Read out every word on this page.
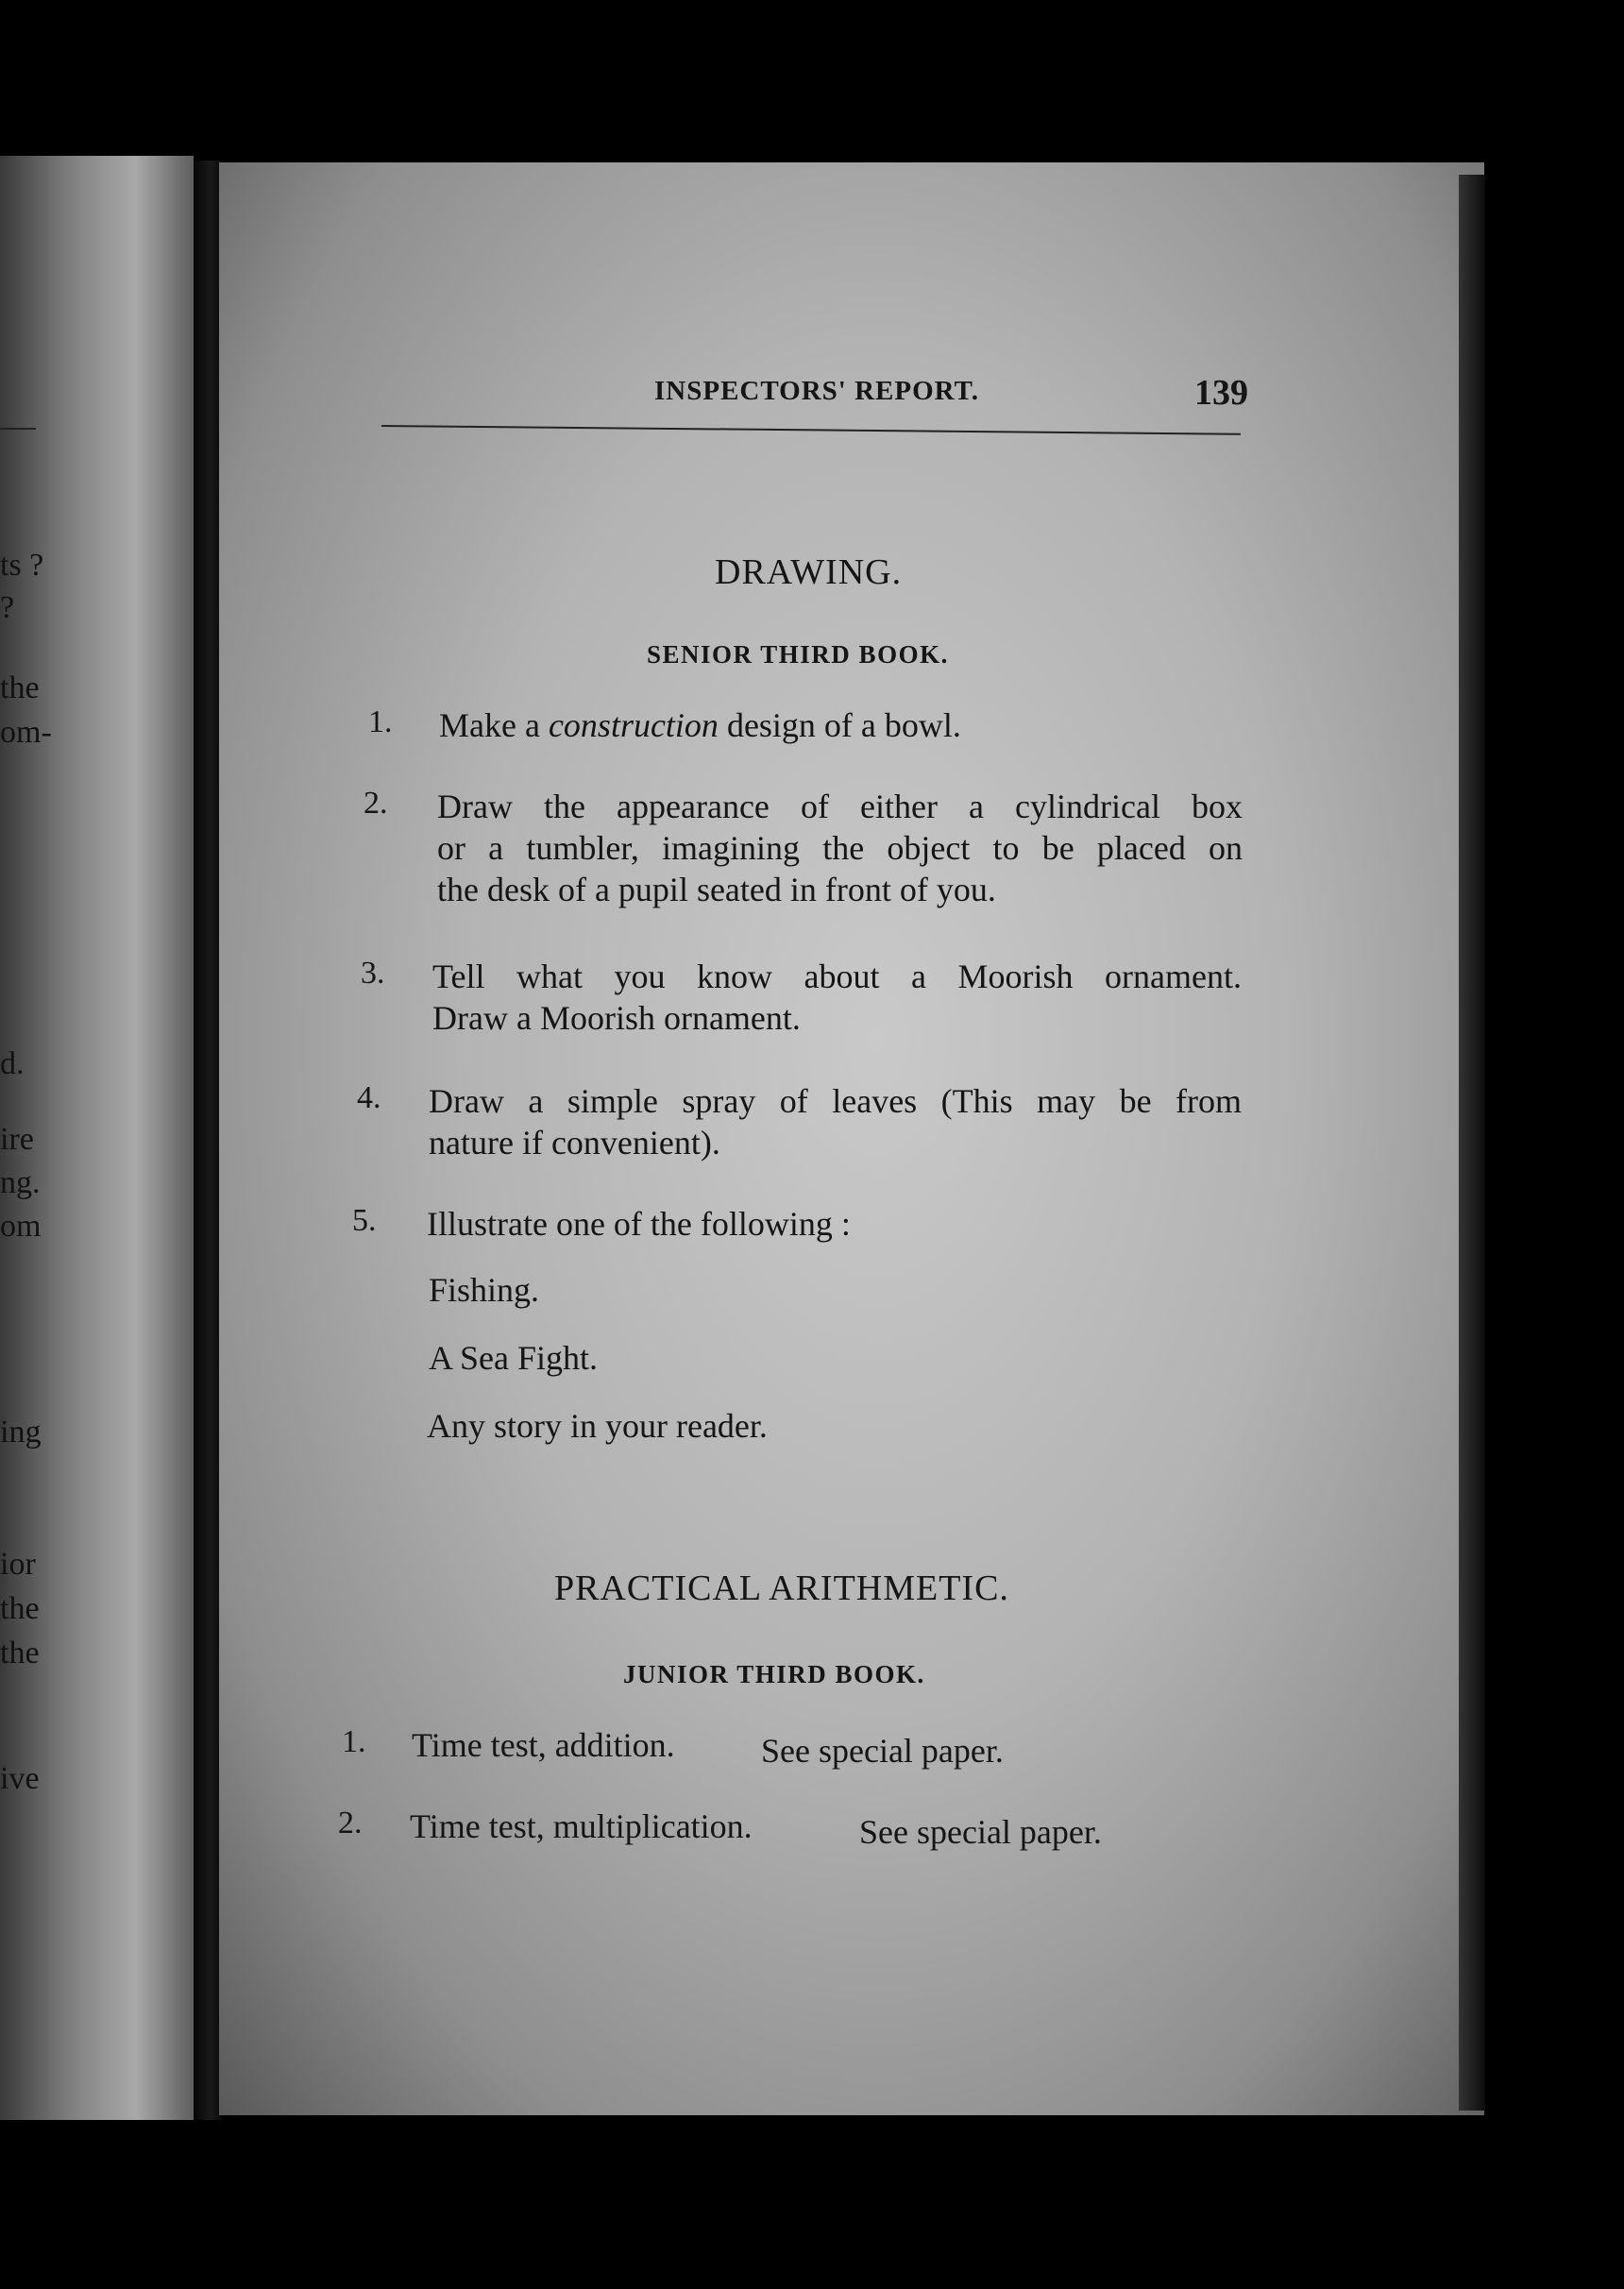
ts ?
?
the
om-
d.
ire
ng.
om
ing
ior
the
the
ive
INSPECTORS' REPORT.	139
DRAWING.
SENIOR THIRD BOOK.
1. Make a construction design of a bowl.
2. Draw the appearance of either a cylindrical box
or a tumbler, imagining the object to be placed on
the desk of a pupil seated in front of you.
3. Tell what you know about a Moorish ornament.
Draw a Moorish ornament.
4. Draw a simple spray of leaves (This may be from
nature if convenient).
5. Illustrate one of the following :
Fishing.
A Sea Fight.
Any story in your reader.
PRACTICAL ARITHMETIC.
JUNIOR THIRD BOOK.
1. Time test, addition.	See special paper.
2. Time test, multiplication.	See special paper.
